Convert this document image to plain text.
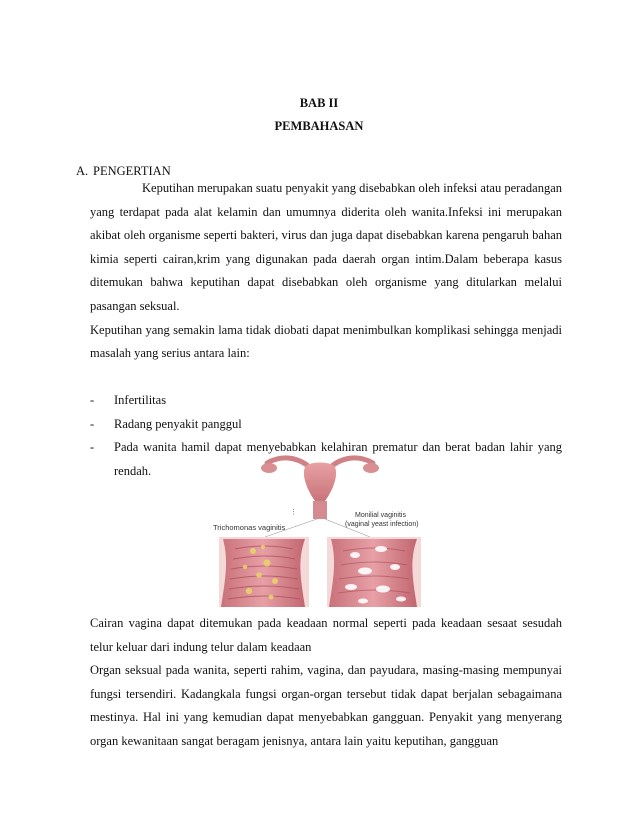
BAB II
PEMBAHASAN
A. PENGERTIAN

Keputihan merupakan suatu penyakit yang disebabkan oleh infeksi atau peradangan yang terdapat pada alat kelamin dan umumnya diderita oleh wanita.Infeksi ini merupakan akibat oleh organisme seperti bakteri, virus dan juga dapat disebabkan karena pengaruh bahan kimia seperti cairan,krim yang digunakan pada daerah organ intim.Dalam beberapa kasus ditemukan bahwa keputihan dapat disebabkan oleh organisme yang ditularkan melalui pasangan seksual.

Keputihan yang semakin lama tidak diobati dapat menimbulkan komplikasi sehingga menjadi masalah yang serius antara lain:

- Infertilitas
- Radang penyakit panggul
- Pada wanita hamil dapat menyebabkan kelahiran prematur dan berat badan lahir yang rendah.
⋮
Trichomonas vaginitis
Monilial vaginitis
(vaginal yeast infection)

Cairan vagina dapat ditemukan pada keadaan normal seperti pada keadaan sesaat sesudah telur keluar dari indung telur dalam keadaan

Organ seksual pada wanita, seperti rahim, vagina, dan payudara, masing-masing mempunyai fungsi tersendiri. Kadangkala fungsi organ-organ tersebut tidak dapat berjalan sebagaimana mestinya. Hal ini yang kemudian dapat menyebabkan gangguan. Penyakit yang menyerang organ kewanitaan sangat beragam jenisnya, antara lain yaitu keputihan, gangguan
